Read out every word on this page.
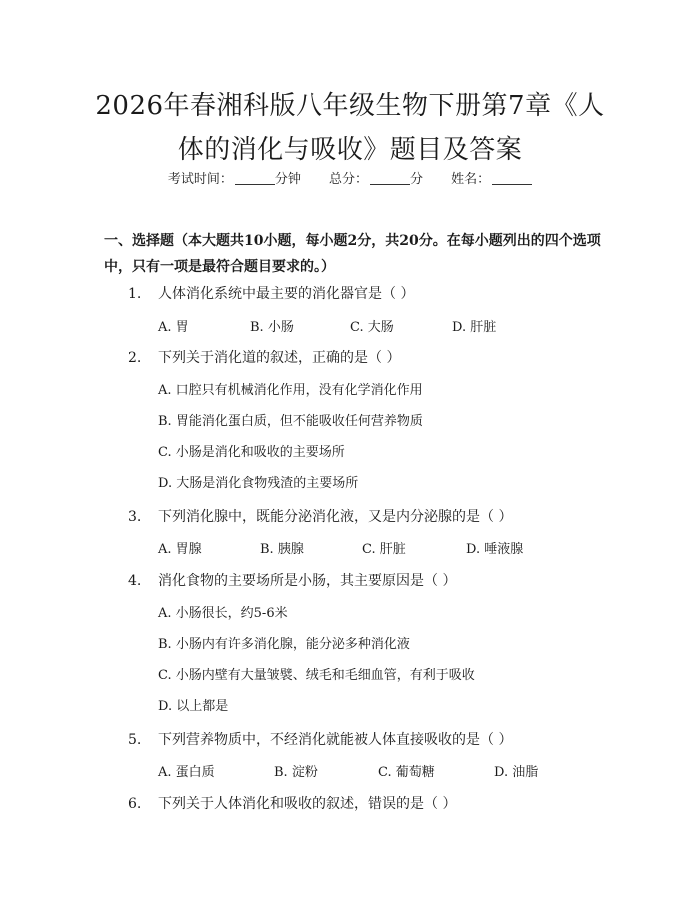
2026年春湘科版八年级生物下册第7章《人
体的消化与吸收》题目及答案
考试时间：	分钟 总分：	分 姓名：
一、选择题（本大题共10小题，每小题2分，共20分。在每小题列出的四个选项中，只有一项是最符合题目要求的。）
1. 人体消化系统中最主要的消化器官是（ ）
A. 胃	B. 小肠	C. 大肠	D. 肝脏
2. 下列关于消化道的叙述，正确的是（ ）
A. 口腔只有机械消化作用，没有化学消化作用
B. 胃能消化蛋白质，但不能吸收任何营养物质
C. 小肠是消化和吸收的主要场所
D. 大肠是消化食物残渣的主要场所
3. 下列消化腺中，既能分泌消化液，又是内分泌腺的是（ ）
A. 胃腺	B. 胰腺	C. 肝脏	D. 唾液腺
4. 消化食物的主要场所是小肠，其主要原因是（ ）
A. 小肠很长，约5-6米
B. 小肠内有许多消化腺，能分泌多种消化液
C. 小肠内壁有大量皱襞、绒毛和毛细血管，有利于吸收
D. 以上都是
5. 下列营养物质中，不经消化就能被人体直接吸收的是（ ）
A. 蛋白质	B. 淀粉	C. 葡萄糖	D. 油脂
6. 下列关于人体消化和吸收的叙述，错误的是（ ）
